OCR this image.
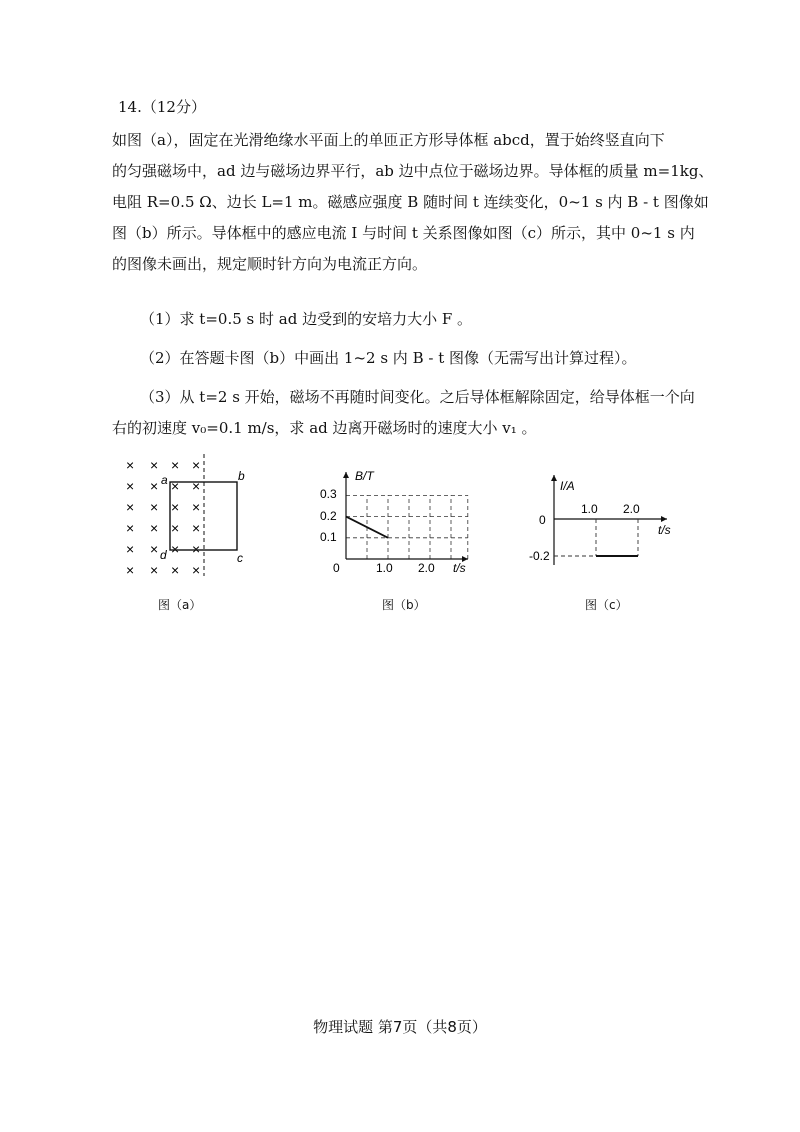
14.（12分）
如图（a），固定在光滑绝缘水平面上的单匝正方形导体框 abcd，置于始终竖直向下
的匀强磁场中，ad 边与磁场边界平行，ab 边中点位于磁场边界。导体框的质量 m=1kg、
电阻 R=0.5 Ω、边长 L=1 m。磁感应强度 B 随时间 t 连续变化，0~1 s 内 B - t 图像如
图（b）所示。导体框中的感应电流 I 与时间 t 关系图像如图（c）所示，其中 0~1 s 内
的图像未画出，规定顺时针方向为电流正方向。
（1）求 t=0.5 s 时 ad 边受到的安培力大小 F 。
（2）在答题卡图（b）中画出 1~2 s 内 B - t 图像（无需写出计算过程）。
（3）从 t=2 s 开始，磁场不再随时间变化。之后导体框解除固定，给导体框一个向
右的初速度 v₀=0.1 m/s，求 ad 边离开磁场时的速度大小 v₁ 。
× × × ×
× × × ×
× × × ×
× × × ×
× × × ×
× × × ×
a	b
c
d
图（a）
B/T
t/s
0
0.1
0.2
0.3
1.0 2.0
图（b）
I/A
t/s
0
-0.2
1.0 2.0
图（c）
物理试题 第7页（共8页）
